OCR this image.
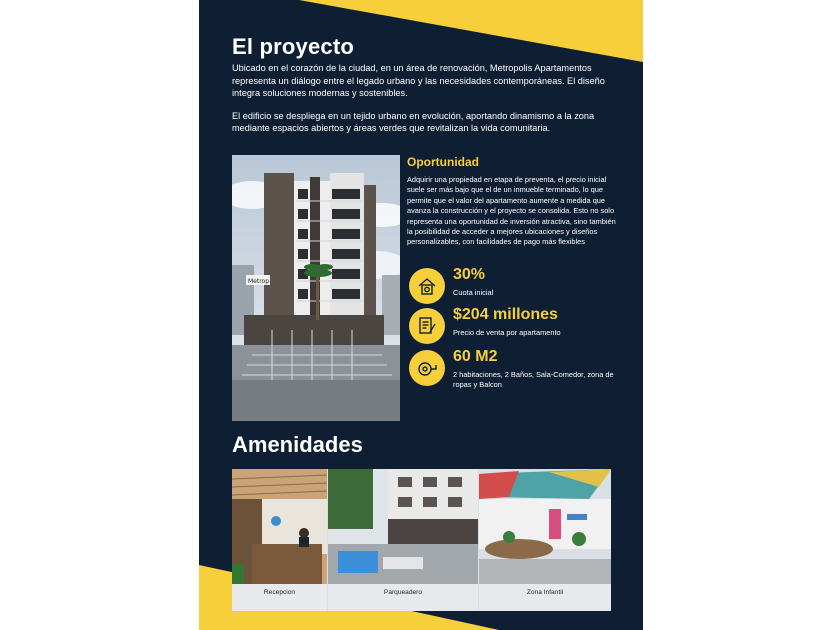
El proyecto

Ubicado en el corazón de la ciudad, en un área de renovación, Metropolis Apartamentos representa un diálogo entre el legado urbano y las necesidades contemporáneas. El diseño integra soluciones modernas y sostenibles.

El edificio se despliega en un tejido urbano en evolución, aportando dinamismo a la zona mediante espacios abiertos y áreas verdes que revitalizan la vida comunitaria.

Metrop
Oportunidad
Adquirir una propiedad en etapa de preventa, el precio inicial suele ser más bajo que el de un inmueble terminado, lo que permite que el valor del apartamento aumente a medida que avanza la construcción y el proyecto se consolida. Esto no solo representa una oportunidad de inversión atractiva, sino también la posibilidad de acceder a mejores ubicaciones y diseños personalizables, con facilidades de pago más flexibles
30%
Cuota inicial
$204 millones
Precio de venta por apartamento
60 M2
2 habitaciones, 2 Baños, Sala-Comedor, zona de ropas y Balcon
Amenidades
Recepcion	Parqueadero	Zona Infantil
